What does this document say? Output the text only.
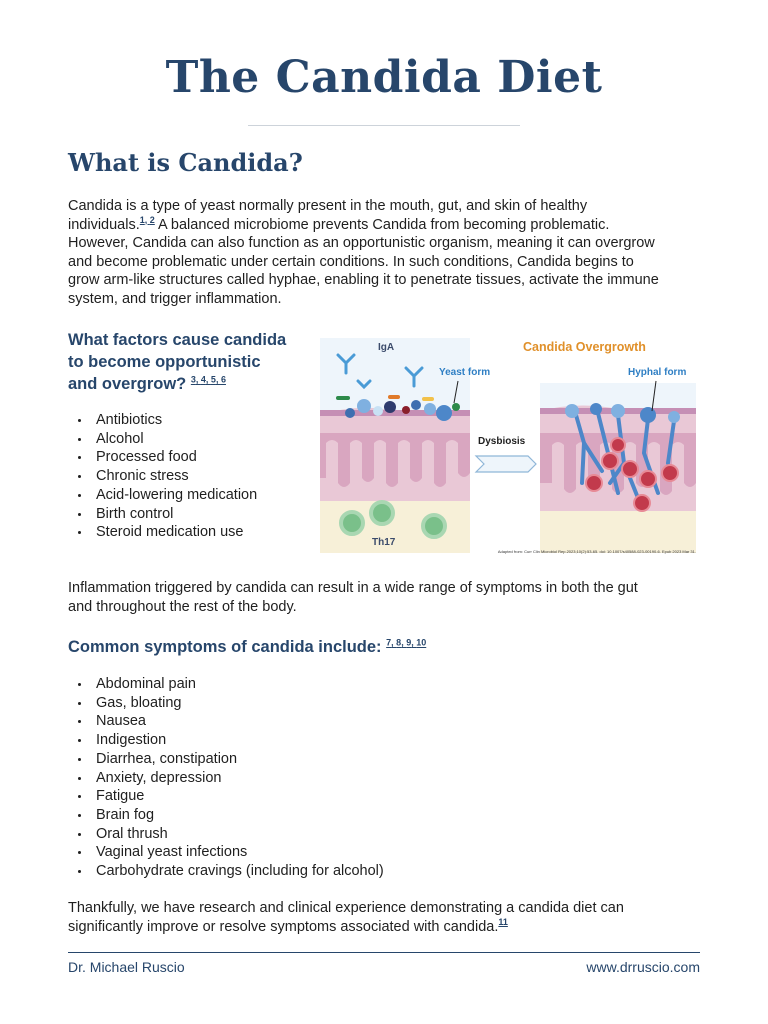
The Candida Diet
What is Candida?
Candida is a type of yeast normally present in the mouth, gut, and skin of healthy
individuals.$^{1,}$ $^2$ A balanced microbiome prevents Candida from becoming problematic.
However, Candida can also function as an opportunistic organism, meaning it can overgrow
and become problematic under certain conditions. In such conditions, Candida begins to
grow arm-like structures called hyphae, enabling it to penetrate tissues, activate the immune
system, and trigger inflammation.
What factors cause candida
to become opportunistic
and overgrow? $^{3,}$ $^{4,}$ $^{5,}$ $^6$
Antibiotics
Alcohol
Processed food
Chronic stress
Acid-lowering medication
Birth control
Steroid medication use
IgA
Yeast form
Th17
Dysbiosis
Candida Overgrowth
Hyphal form
Adapted from: Curr Clin Microbiol Rep.2023;10(2):53-65. doi: 10.1007/s40588-023-00190-6. Epub 2023 Mar 31.
Inflammation triggered by candida can result in a wide range of symptoms in both the gut
and throughout the rest of the body.
Common symptoms of candida include: $^{7,}$ $^{8,}$ $^{9,}$ $^{10}$
Abdominal pain
Gas, bloating
Nausea
Indigestion
Diarrhea, constipation
Anxiety, depression
Fatigue
Brain fog
Oral thrush
Vaginal yeast infections
Carbohydrate cravings (including for alcohol)
Thankfully, we have research and clinical experience demonstrating a candida diet can
significantly improve or resolve symptoms associated with candida.$^{11}$
Dr. Michael Ruscio	www.drruscio.com
